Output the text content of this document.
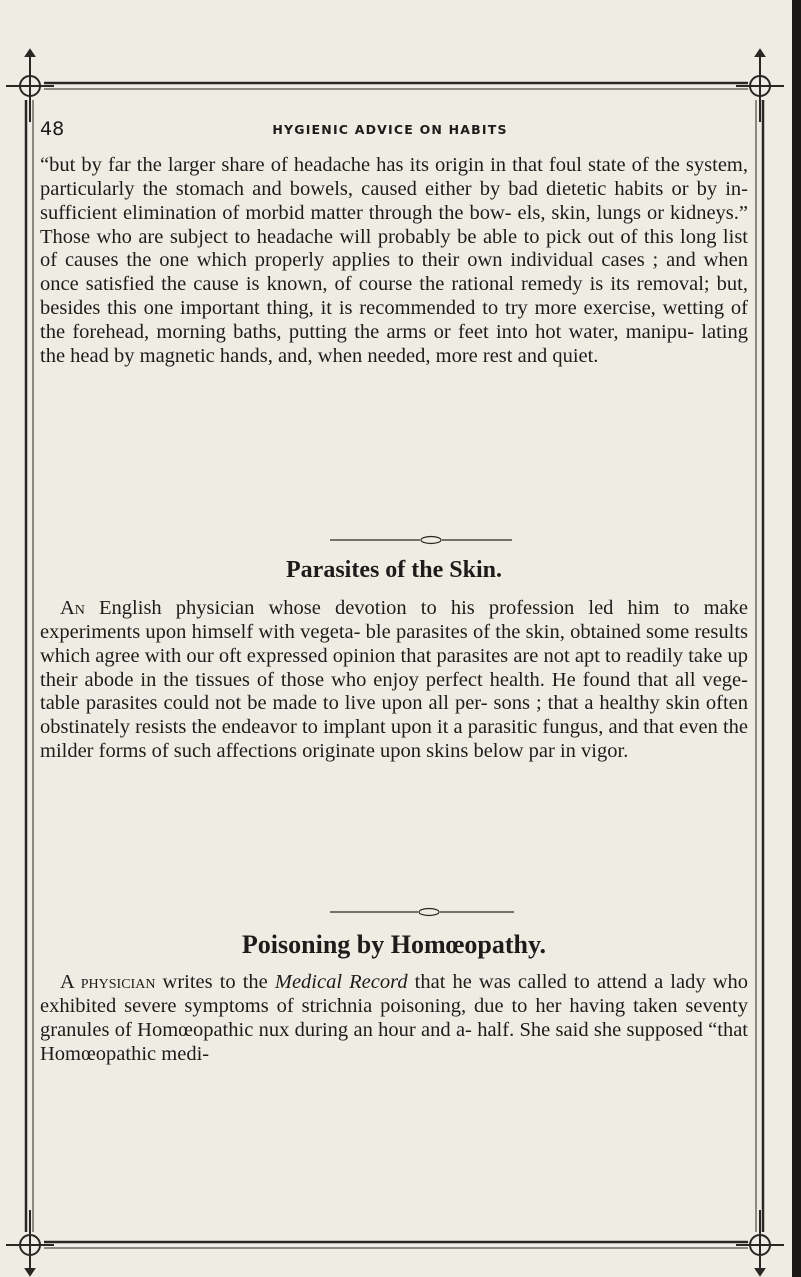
48	HYGIENIC ADVICE ON HABITS
“but by far the larger share of headache has its origin in that foul state of the system, particularly the stomach and bowels, caused either by bad dietetic habits or by in- sufficient elimination of morbid matter through the bow- els, skin, lungs or kidneys.” Those who are subject to headache will probably be able to pick out of this long list of causes the one which properly applies to their own individual cases ; and when once satisfied the cause is known, of course the rational remedy is its removal; but, besides this one important thing, it is recommended to try more exercise, wetting of the forehead, morning baths, putting the arms or feet into hot water, manipu- lating the head by magnetic hands, and, when needed, more rest and quiet.
Parasites of the Skin.
An English physician whose devotion to his profession led him to make experiments upon himself with vegeta- ble parasites of the skin, obtained some results which agree with our oft expressed opinion that parasites are not apt to readily take up their abode in the tissues of those who enjoy perfect health. He found that all vege- table parasites could not be made to live upon all per- sons ; that a healthy skin often obstinately resists the endeavor to implant upon it a parasitic fungus, and that even the milder forms of such affections originate upon skins below par in vigor.
Poisoning by Homœopathy.
A physician writes to the Medical Record that he was called to attend a lady who exhibited severe symptoms of strichnia poisoning, due to her having taken seventy granules of Homœopathic nux during an hour and a- half. She said she supposed “that Homœopathic medi-
